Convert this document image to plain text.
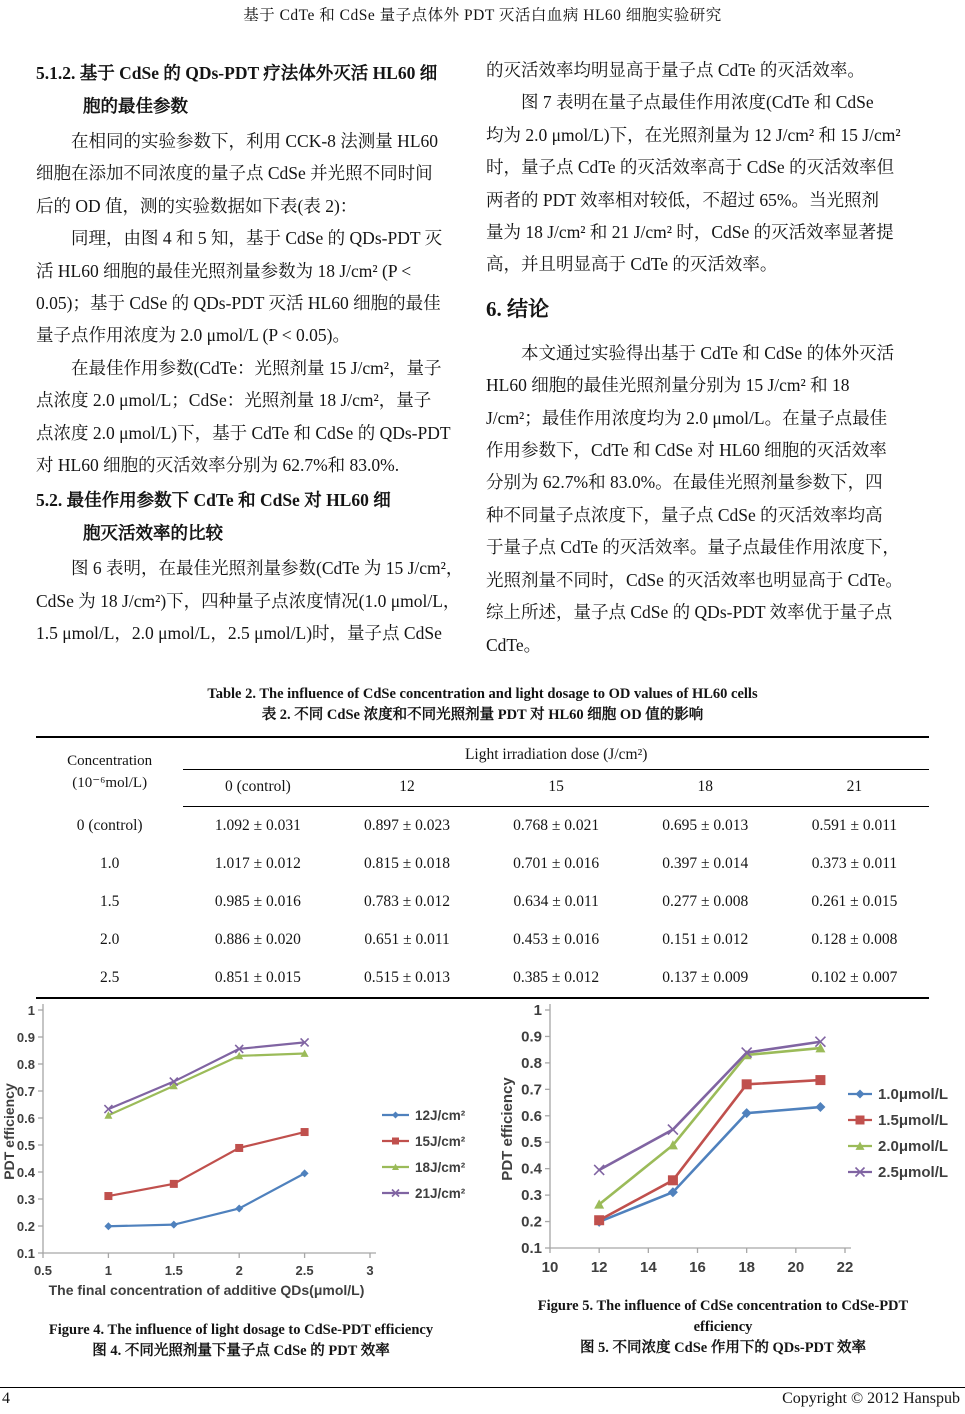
基于 CdTe 和 CdSe 量子点体外 PDT 灭活白血病 HL60 细胞实验研究
5.1.2. 基于 CdSe 的 QDs-PDT 疗法体外灭活 HL60 细
胞的最佳参数
在相同的实验参数下，利用 CCK-8 法测量 HL60
细胞在添加不同浓度的量子点 CdSe 并光照不同时间
后的 OD 值，测的实验数据如下表(表 2)：
同理，由图 4 和 5 知，基于 CdSe 的 QDs-PDT 灭
活 HL60 细胞的最佳光照剂量参数为 18 J/cm² (P <
0.05)；基于 CdSe 的 QDs-PDT 灭活 HL60 细胞的最佳
量子点作用浓度为 2.0 μmol/L (P < 0.05)。
在最佳作用参数(CdTe：光照剂量 15 J/cm²，量子
点浓度 2.0 μmol/L；CdSe：光照剂量 18 J/cm²，量子
点浓度 2.0 μmol/L)下，基于 CdTe 和 CdSe 的 QDs-PDT
对 HL60 细胞的灭活效率分别为 62.7%和 83.0%.
5.2. 最佳作用参数下 CdTe 和 CdSe 对 HL60 细
胞灭活效率的比较
图 6 表明，在最佳光照剂量参数(CdTe 为 15 J/cm²，
CdSe 为 18 J/cm²)下，四种量子点浓度情况(1.0 μmol/L，
1.5 μmol/L，2.0 μmol/L，2.5 μmol/L)时，量子点 CdSe
的灭活效率均明显高于量子点 CdTe 的灭活效率。
图 7 表明在量子点最佳作用浓度(CdTe 和 CdSe
均为 2.0 μmol/L)下，在光照剂量为 12 J/cm² 和 15 J/cm²
时，量子点 CdTe 的灭活效率高于 CdSe 的灭活效率但
两者的 PDT 效率相对较低，不超过 65%。当光照剂
量为 18 J/cm² 和 21 J/cm² 时，CdSe 的灭活效率显著提
高，并且明显高于 CdTe 的灭活效率。
6. 结论
本文通过实验得出基于 CdTe 和 CdSe 的体外灭活
HL60 细胞的最佳光照剂量分别为 15 J/cm² 和 18
J/cm²；最佳作用浓度均为 2.0 μmol/L。在量子点最佳
作用参数下，CdTe 和 CdSe 对 HL60 细胞的灭活效率
分别为 62.7%和 83.0%。在最佳光照剂量参数下，四
种不同量子点浓度下，量子点 CdSe 的灭活效率均高
于量子点 CdTe 的灭活效率。量子点最佳作用浓度下，
光照剂量不同时，CdSe 的灭活效率也明显高于 CdTe。
综上所述，量子点 CdSe 的 QDs-PDT 效率优于量子点
CdTe。
Table 2. The influence of CdSe concentration and light dosage to OD values of HL60 cells
表 2. 不同 CdSe 浓度和不同光照剂量 PDT 对 HL60 细胞 OD 值的影响
Concentration
(10⁻⁶mol/L)	Light irradiation dose (J/cm²)				
	0 (control)	12	15	18	21
0 (control)	1.092 ± 0.031	0.897 ± 0.023	0.768 ± 0.021	0.695 ± 0.013	0.591 ± 0.011
1.0	1.017 ± 0.012	0.815 ± 0.018	0.701 ± 0.016	0.397 ± 0.014	0.373 ± 0.011
1.5	0.985 ± 0.016	0.783 ± 0.012	0.634 ± 0.011	0.277 ± 0.008	0.261 ± 0.015
2.0	0.886 ± 0.020	0.651 ± 0.011	0.453 ± 0.016	0.151 ± 0.012	0.128 ± 0.008
2.5	0.851 ± 0.015	0.515 ± 0.013	0.385 ± 0.012	0.137 ± 0.009	0.102 ± 0.007
0.1
0.2
0.3
0.4
0.5
0.6
0.7
0.8
0.9
1
0.5	1	1.5	2	2.5	3
PDT efficiency
The final concentration of additive QDs(μmol/L)
12J/cm²
15J/cm²
18J/cm²
21J/cm²
Figure 4. The influence of light dosage to CdSe-PDT efficiency
图 4. 不同光照剂量下量子点 CdSe 的 PDT 效率
0.1
0.2
0.3
0.4
0.5
0.6
0.7
0.8
0.9
1
10 12 14 16 18 20 22
PDT efficiency	1.0μmol/L
1.5μmol/L
2.0μmol/L
2.5μmol/L
Figure 5. The influence of CdSe concentration to CdSe-PDT efficiency
图 5. 不同浓度 CdSe 作用下的 QDs-PDT 效率
4	Copyright © 2012 Hanspub
